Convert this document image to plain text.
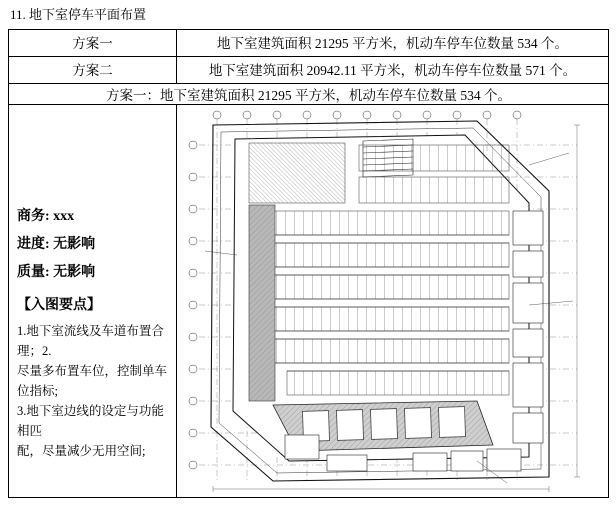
11. 地下室停车平面布置
方案一	地下室建筑面积 21295 平方米，机动车停车位数量 534 个。
方案二	地下室建筑面积 20942.11 平方米，机动车停车位数量 571 个。
方案一：地下室建筑面积 21295 平方米，机动车停车位数量 534 个。	

商务: xxx
进度: 无影响
质量: 无影响
【入图要点】
1.地下室流线及车道布置合理；2.
尽量多布置车位，控制单车位指标;
3.地下室边线的设定与功能相匹
配，尽量减少无用空间;
